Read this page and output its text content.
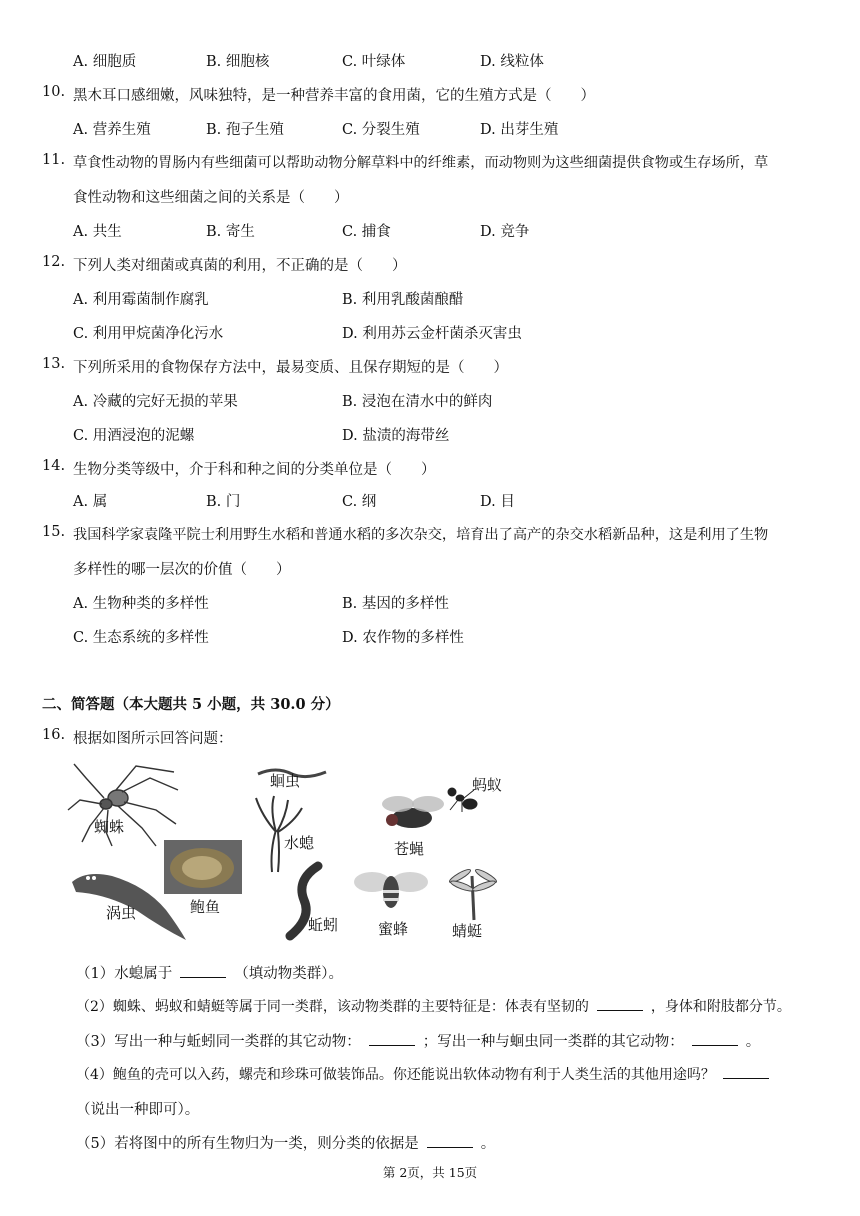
A. 细胞质	B. 细胞核	C. 叶绿体	D. 线粒体
10. 黑木耳口感细嫩，风味独特，是一种营养丰富的食用菌，它的生殖方式是（　　）
A. 营养生殖	B. 孢子生殖	C. 分裂生殖	D. 出芽生殖
11. 草食性动物的胃肠内有些细菌可以帮助动物分解草料中的纤维素，而动物则为这些细菌提供食物或生存场所，草
食性动物和这些细菌之间的关系是（　　）
A. 共生	B. 寄生	C. 捕食	D. 竞争
12. 下列人类对细菌或真菌的利用，不正确的是（　　）
A. 利用霉菌制作腐乳	B. 利用乳酸菌酿醋
C. 利用甲烷菌净化污水	D. 利用苏云金杆菌杀灭害虫
13. 下列所采用的食物保存方法中，最易变质、且保存期短的是（　　）
A. 冷藏的完好无损的苹果	B. 浸泡在清水中的鲜肉
C. 用酒浸泡的泥螺	D. 盐渍的海带丝
14. 生物分类等级中，介于科和种之间的分类单位是（　　）
A. 属	B. 门	C. 纲	D. 目
15. 我国科学家袁隆平院士利用野生水稻和普通水稻的多次杂交，培育出了高产的杂交水稻新品种，这是利用了生物
多样性的哪一层次的价值（　　）
A. 生物种类的多样性	B. 基因的多样性
C. 生态系统的多样性	D. 农作物的多样性
二、简答题（本大题共 5 小题，共 30.0 分）
16. 根据如图所示回答问题：
蜘蛛
蛔虫
水螅	苍蝇
蚂蚁
鲍鱼
涡虫
蚯蚓	蜜蜂	蜻蜓
（1）水螅属于	（填动物类群）。
（2）蜘蛛、蚂蚁和蜻蜓等属于同一类群，该动物类群的主要特征是：体表有坚韧的	，身体和附肢都分节。
（3）写出一种与蚯蚓同一类群的其它动物：	；写出一种与蛔虫同一类群的其它动物：	。
（4）鲍鱼的壳可以入药，螺壳和珍珠可做装饰品。你还能说出软体动物有利于人类生活的其他用途吗？
（说出一种即可）。
（5）若将图中的所有生物归为一类，则分类的依据是	。
第 2页，共 15页
